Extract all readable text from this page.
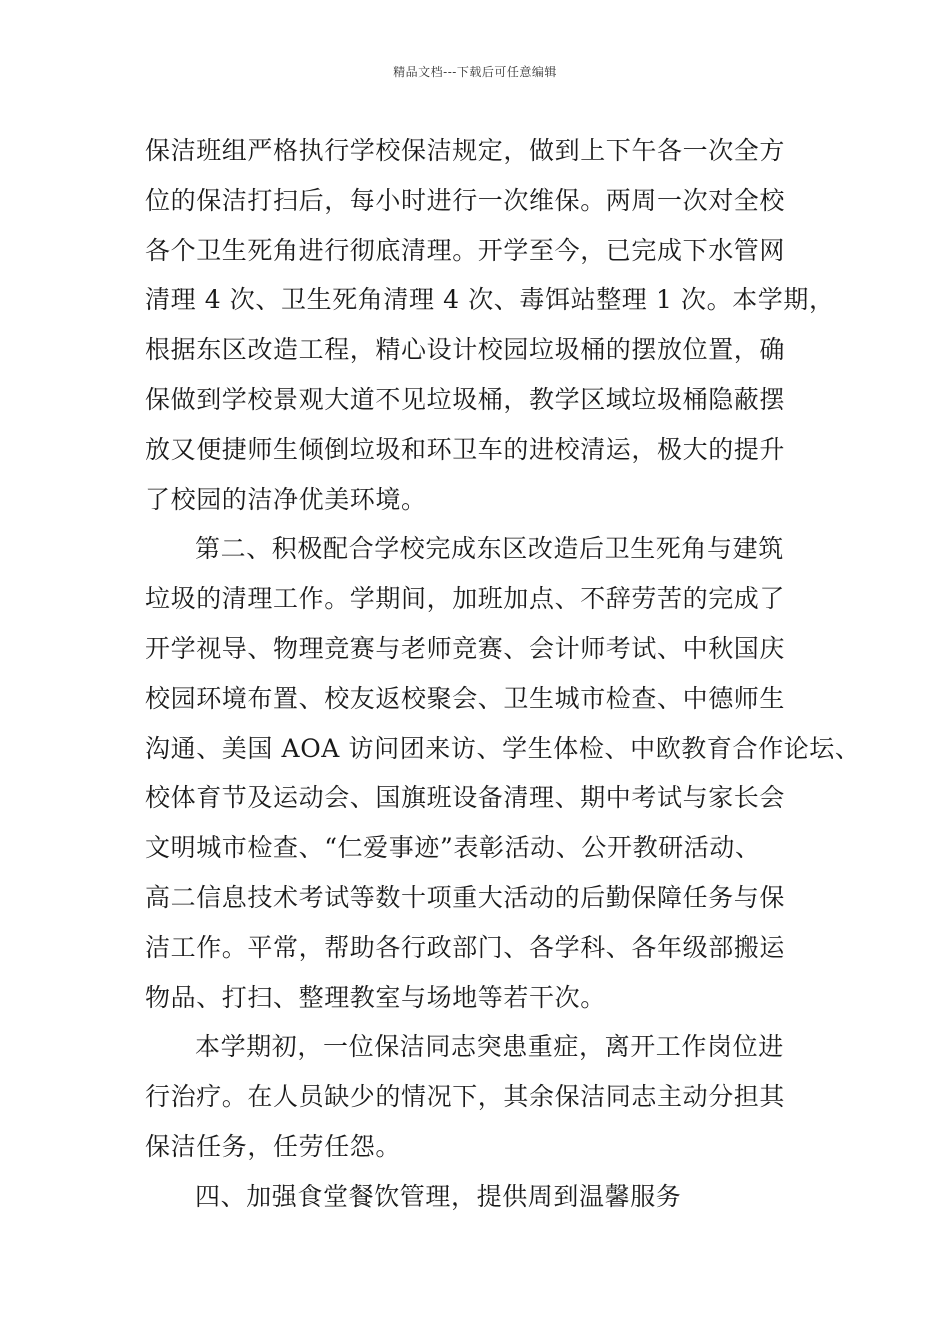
精品文档---下载后可任意编辑
保洁班组严格执行学校保洁规定，做到上下午各一次全方
位的保洁打扫后，每小时进行一次维保。两周一次对全校
各个卫生死角进行彻底清理。开学至今，已完成下水管网
清理 4 次、卫生死角清理 4 次、毒饵站整理 1 次。本学期，
根据东区改造工程，精心设计校园垃圾桶的摆放位置，确
保做到学校景观大道不见垃圾桶，教学区域垃圾桶隐蔽摆
放又便捷师生倾倒垃圾和环卫车的进校清运，极大的提升
了校园的洁净优美环境。
第二、积极配合学校完成东区改造后卫生死角与建筑
垃圾的清理工作。学期间，加班加点、不辞劳苦的完成了
开学视导、物理竞赛与老师竞赛、会计师考试、中秋国庆
校园环境布置、校友返校聚会、卫生城市检查、中德师生
沟通、美国 AOA 访问团来访、学生体检、中欧教育合作论坛、
校体育节及运动会、国旗班设备清理、期中考试与家长会
文明城市检查、“仁爱事迹”表彰活动、公开教研活动、
高二信息技术考试等数十项重大活动的后勤保障任务与保
洁工作。平常，帮助各行政部门、各学科、各年级部搬运
物品、打扫、整理教室与场地等若干次。
本学期初，一位保洁同志突患重症，离开工作岗位进
行治疗。在人员缺少的情况下，其余保洁同志主动分担其
保洁任务，任劳任怨。
四、加强食堂餐饮管理，提供周到温馨服务
